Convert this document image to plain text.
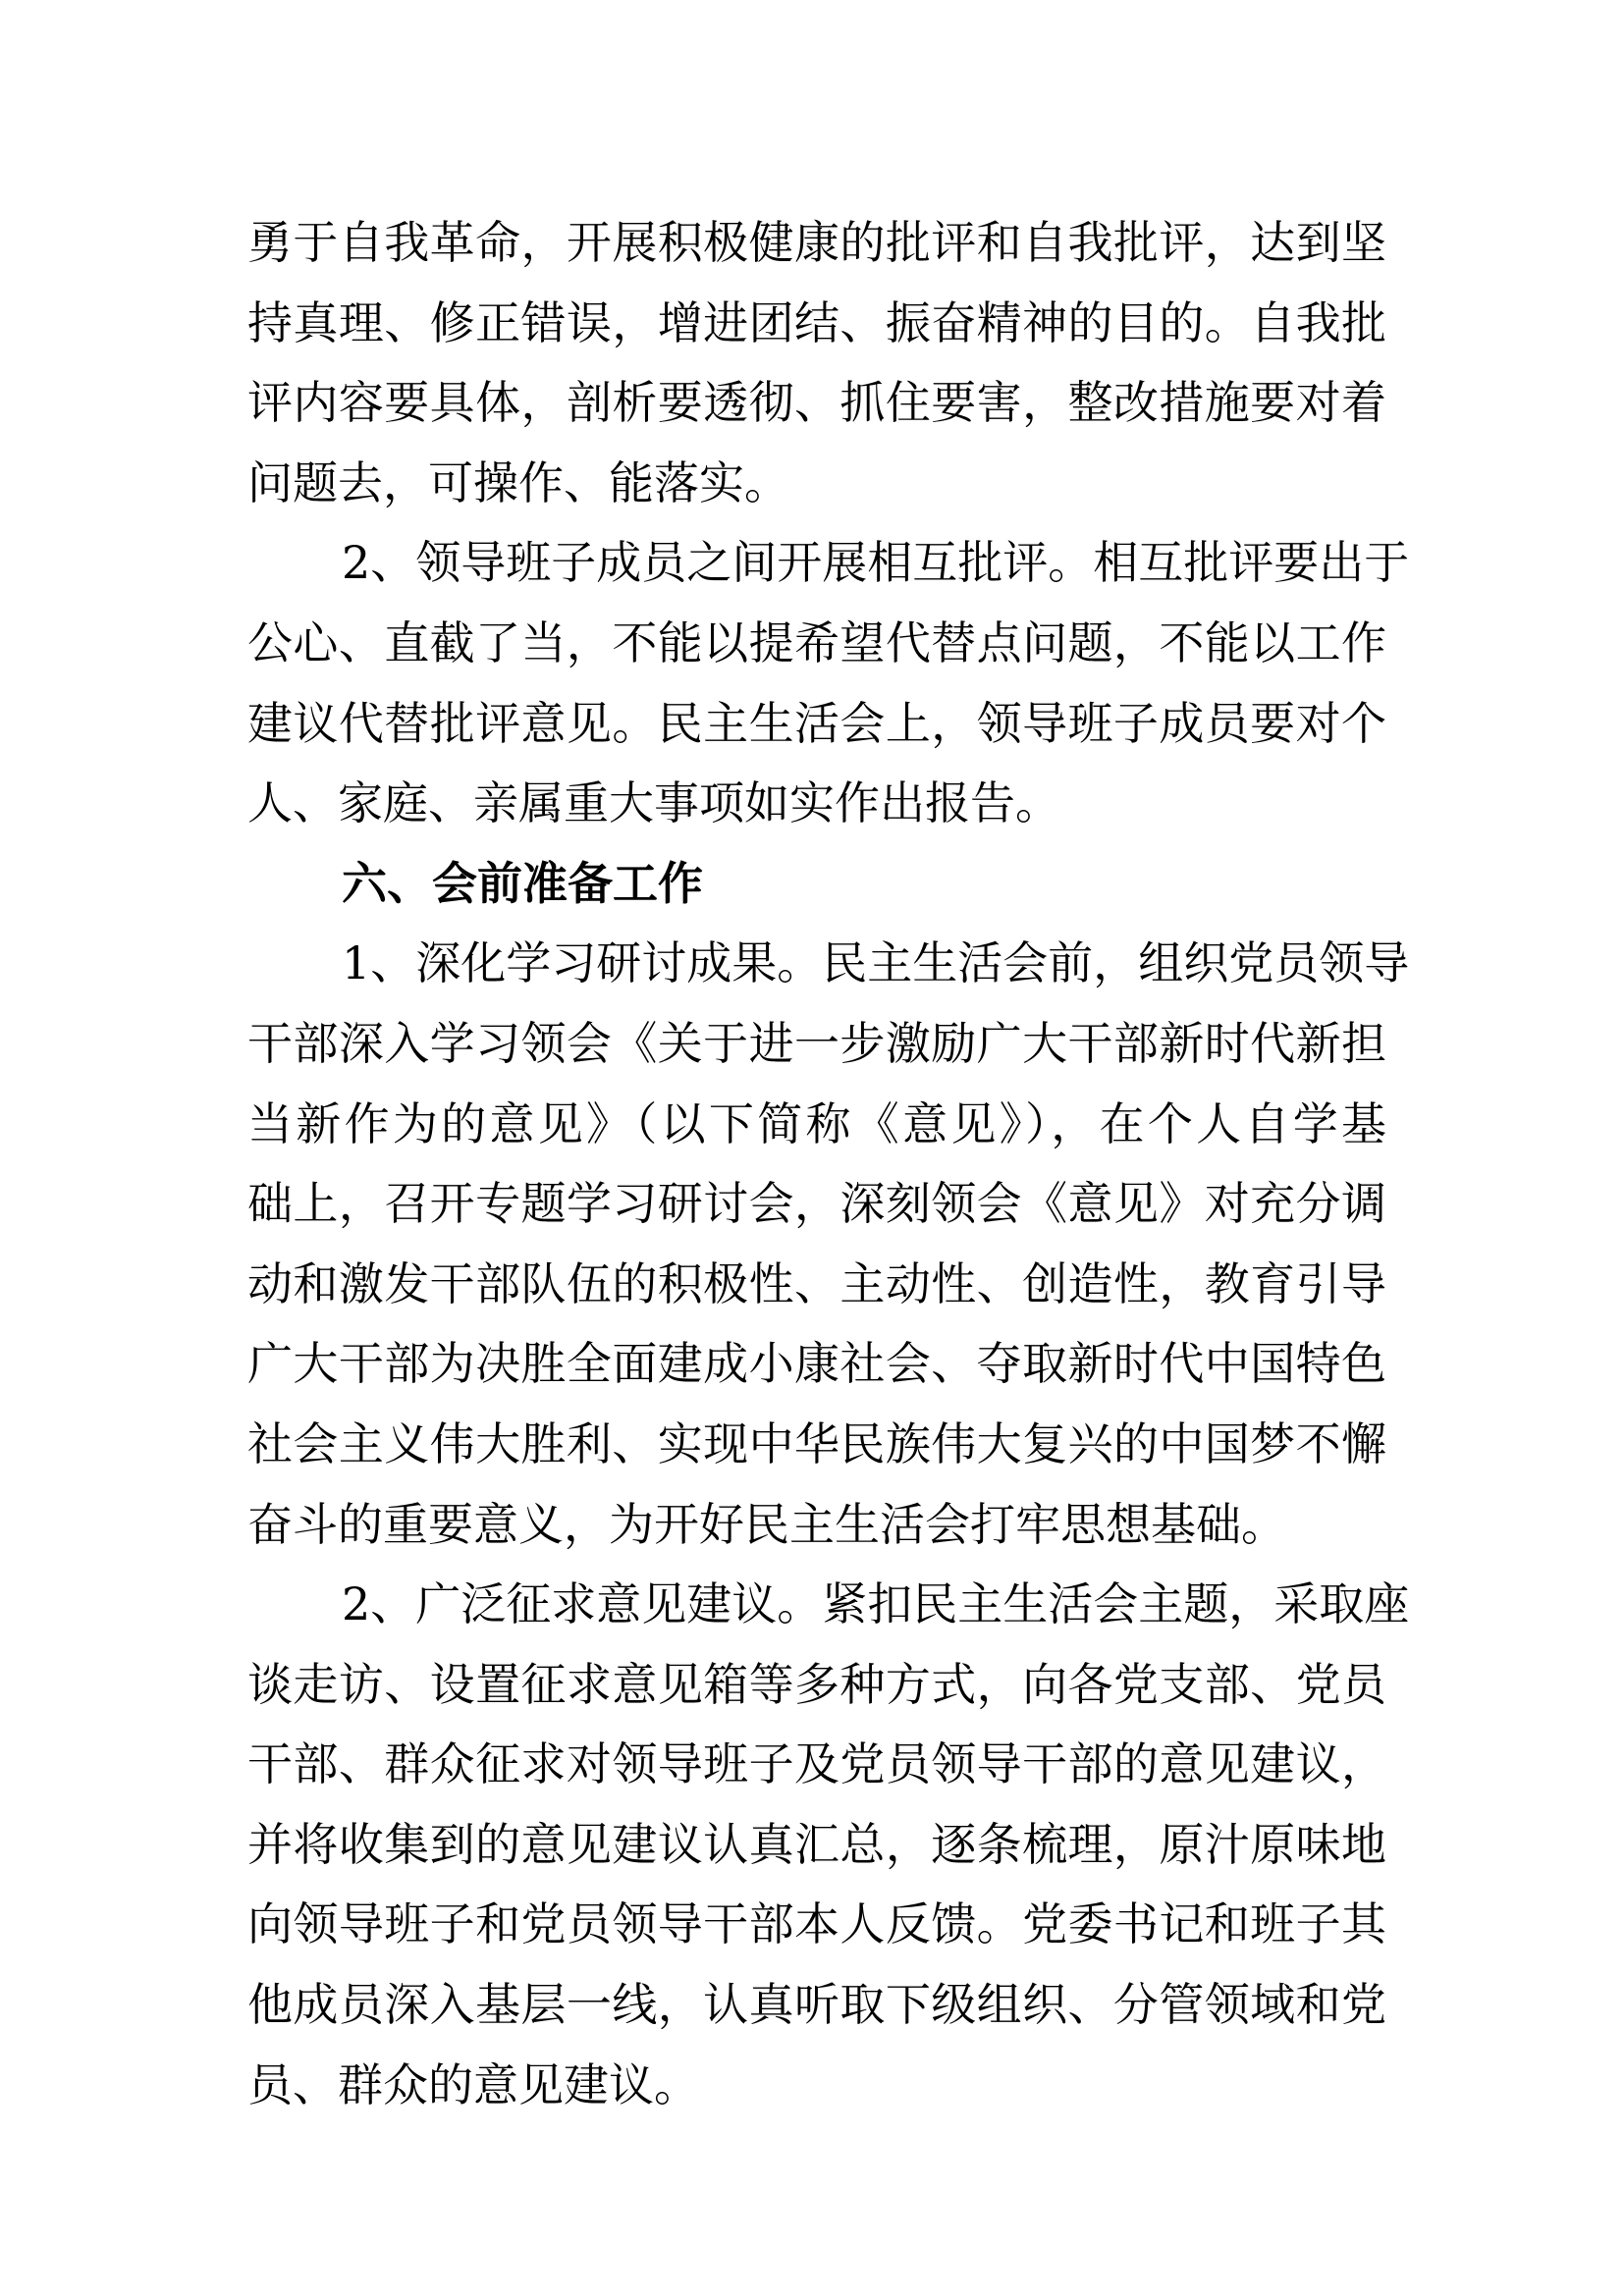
勇于自我革命，开展积极健康的批评和自我批评，达到坚
持真理、修正错误，增进团结、振奋精神的目的。自我批
评内容要具体，剖析要透彻、抓住要害，整改措施要对着
问题去，可操作、能落实。
2、领导班子成员之间开展相互批评。相互批评要出于
公心、直截了当，不能以提希望代替点问题，不能以工作
建议代替批评意见。民主生活会上，领导班子成员要对个
人、家庭、亲属重大事项如实作出报告。
六、会前准备工作
1、深化学习研讨成果。民主生活会前，组织党员领导
干部深入学习领会《关于进一步激励广大干部新时代新担
当新作为的意见》（以下简称《意见》），在个人自学基
础上，召开专题学习研讨会，深刻领会《意见》对充分调
动和激发干部队伍的积极性、主动性、创造性，教育引导
广大干部为决胜全面建成小康社会、夺取新时代中国特色
社会主义伟大胜利、实现中华民族伟大复兴的中国梦不懈
奋斗的重要意义，为开好民主生活会打牢思想基础。
2、广泛征求意见建议。紧扣民主生活会主题，采取座
谈走访、设置征求意见箱等多种方式，向各党支部、党员
干部、群众征求对领导班子及党员领导干部的意见建议，
并将收集到的意见建议认真汇总，逐条梳理，原汁原味地
向领导班子和党员领导干部本人反馈。党委书记和班子其
他成员深入基层一线，认真听取下级组织、分管领域和党
员、群众的意见建议。
